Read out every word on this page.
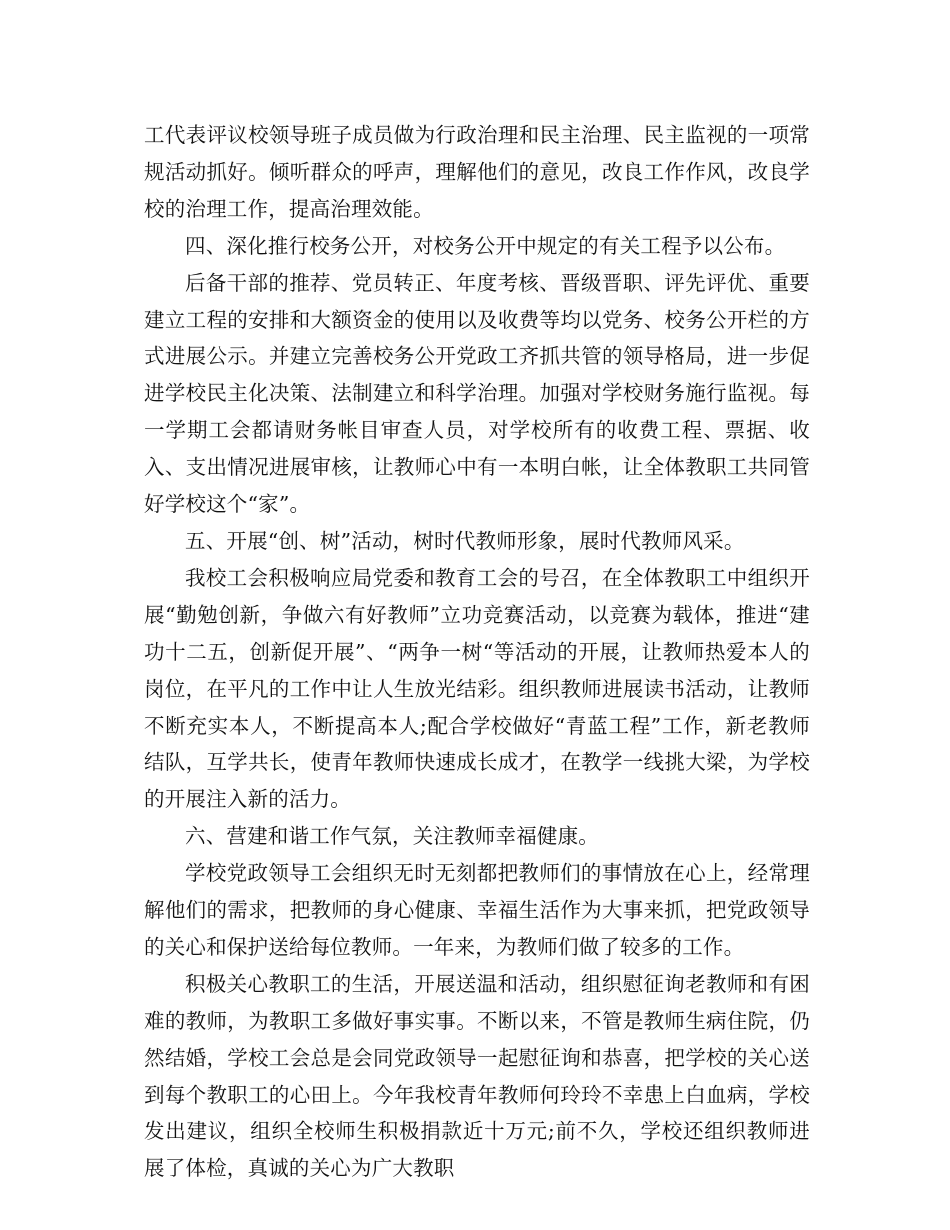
工代表评议校领导班子成员做为行政治理和民主治理、民主监视的一项常规活动抓好。倾听群众的呼声，理解他们的意见，改良工作作风，改良学校的治理工作，提高治理效能。

四、深化推行校务公开，对校务公开中规定的有关工程予以公布。

后备干部的推荐、党员转正、年度考核、晋级晋职、评先评优、重要建立工程的安排和大额资金的使用以及收费等均以党务、校务公开栏的方式进展公示。并建立完善校务公开党政工齐抓共管的领导格局，进一步促进学校民主化决策、法制建立和科学治理。加强对学校财务施行监视。每一学期工会都请财务帐目审查人员，对学校所有的收费工程、票据、收入、支出情况进展审核，让教师心中有一本明白帐，让全体教职工共同管好学校这个“家”。

五、开展“创、树”活动，树时代教师形象，展时代教师风采。

我校工会积极响应局党委和教育工会的号召，在全体教职工中组织开展“勤勉创新，争做六有好教师”立功竞赛活动，以竞赛为载体，推进“建功十二五，创新促开展”、“两争一树“等活动的开展，让教师热爱本人的岗位，在平凡的工作中让人生放光结彩。组织教师进展读书活动，让教师不断充实本人，不断提高本人;配合学校做好“青蓝工程”工作，新老教师结队，互学共长，使青年教师快速成长成才，在教学一线挑大梁，为学校的开展注入新的活力。

六、营建和谐工作气氛，关注教师幸福健康。

学校党政领导工会组织无时无刻都把教师们的事情放在心上，经常理解他们的需求，把教师的身心健康、幸福生活作为大事来抓，把党政领导的关心和保护送给每位教师。一年来，为教师们做了较多的工作。

积极关心教职工的生活，开展送温和活动，组织慰征询老教师和有困难的教师，为教职工多做好事实事。不断以来，不管是教师生病住院，仍然结婚，学校工会总是会同党政领导一起慰征询和恭喜，把学校的关心送到每个教职工的心田上。今年我校青年教师何玲玲不幸患上白血病，学校发出建议，组织全校师生积极捐款近十万元;前不久，学校还组织教师进展了体检，真诚的关心为广大教职
